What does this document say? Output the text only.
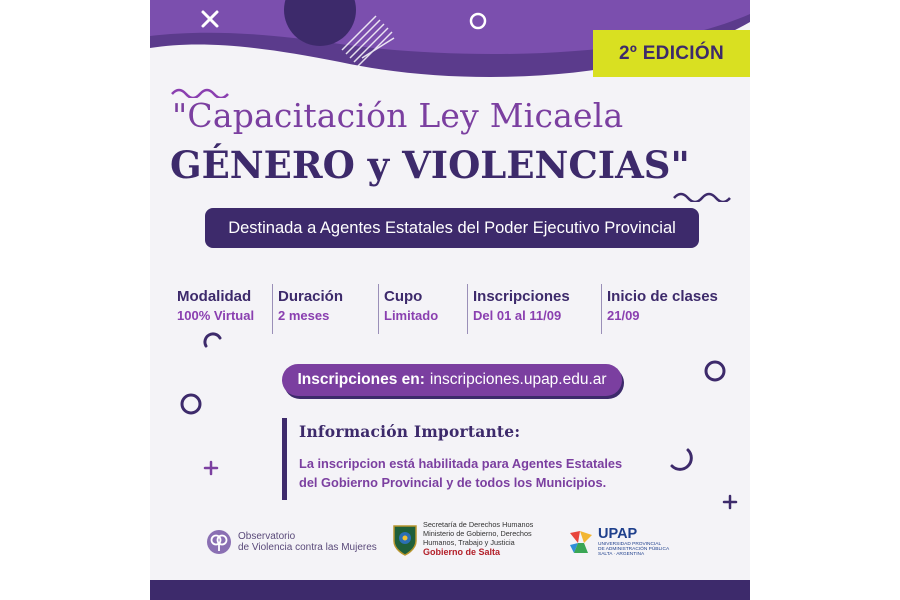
2º EDICIÓN
"Capacitación Ley Micaela
GÉNERO y VIOLENCIAS"
Destinada a Agentes Estatales del Poder Ejecutivo Provincial
Modalidad
100% Virtual
Duración
2 meses
Cupo
Limitado
Inscripciones
Del 01 al 11/09
Inicio de clases
21/09
Inscripciones en: inscripciones.upap.edu.ar
Información Importante:
La inscripcion está habilitada para Agentes Estatales
del Gobierno Provincial y de todos los Municipios.
Observatorio
de Violencia contra las Mujeres
Secretaría de Derechos Humanos
Ministerio de Gobierno, Derechos
Humanos, Trabajo y Justicia
Gobierno de Salta
UPAP
UNIVERSIDAD PROVINCIAL
DE ADMINISTRACIÓN PÚBLICA
SALTA · ARGENTINA
